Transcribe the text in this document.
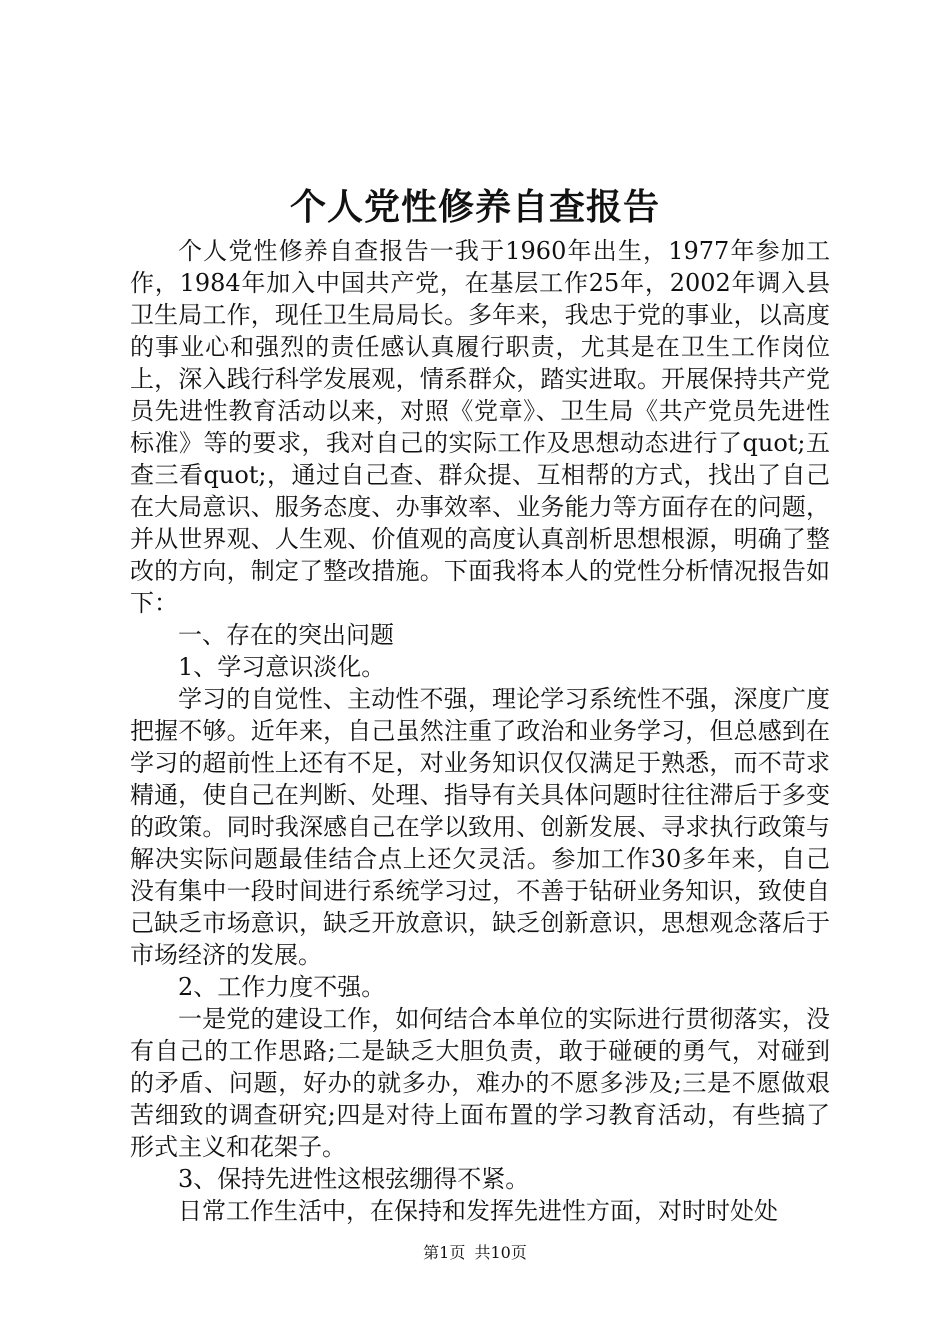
个人党性修养自查报告

个人党性修养自查报告一我于1960年出生，1977年参加工作，1984年加入中国共产党，在基层工作25年，2002年调入县卫生局工作，现任卫生局局长。多年来，我忠于党的事业，以高度的事业心和强烈的责任感认真履行职责，尤其是在卫生工作岗位上，深入践行科学发展观，情系群众，踏实进取。开展保持共产党员先进性教育活动以来，对照《党章》、卫生局《共产党员先进性标准》等的要求，我对自己的实际工作及思想动态进行了quot;五查三看quot;，通过自己查、群众提、互相帮的方式，找出了自己在大局意识、服务态度、办事效率、业务能力等方面存在的问题，并从世界观、人生观、价值观的高度认真剖析思想根源，明确了整改的方向，制定了整改措施。下面我将本人的党性分析情况报告如下：

一、存在的突出问题

1、学习意识淡化。

学习的自觉性、主动性不强，理论学习系统性不强，深度广度把握不够。近年来，自己虽然注重了政治和业务学习，但总感到在学习的超前性上还有不足，对业务知识仅仅满足于熟悉，而不苛求精通，使自己在判断、处理、指导有关具体问题时往往滞后于多变的政策。同时我深感自己在学以致用、创新发展、寻求执行政策与解决实际问题最佳结合点上还欠灵活。参加工作30多年来，自己没有集中一段时间进行系统学习过，不善于钻研业务知识，致使自己缺乏市场意识，缺乏开放意识，缺乏创新意识，思想观念落后于市场经济的发展。

2、工作力度不强。

一是党的建设工作，如何结合本单位的实际进行贯彻落实，没有自己的工作思路;二是缺乏大胆负责，敢于碰硬的勇气，对碰到的矛盾、问题，好办的就多办，难办的不愿多涉及;三是不愿做艰苦细致的调查研究;四是对待上面布置的学习教育活动，有些搞了形式主义和花架子。

3、保持先进性这根弦绷得不紧。

日常工作生活中，在保持和发挥先进性方面，对时时处处

第1页 共10页
